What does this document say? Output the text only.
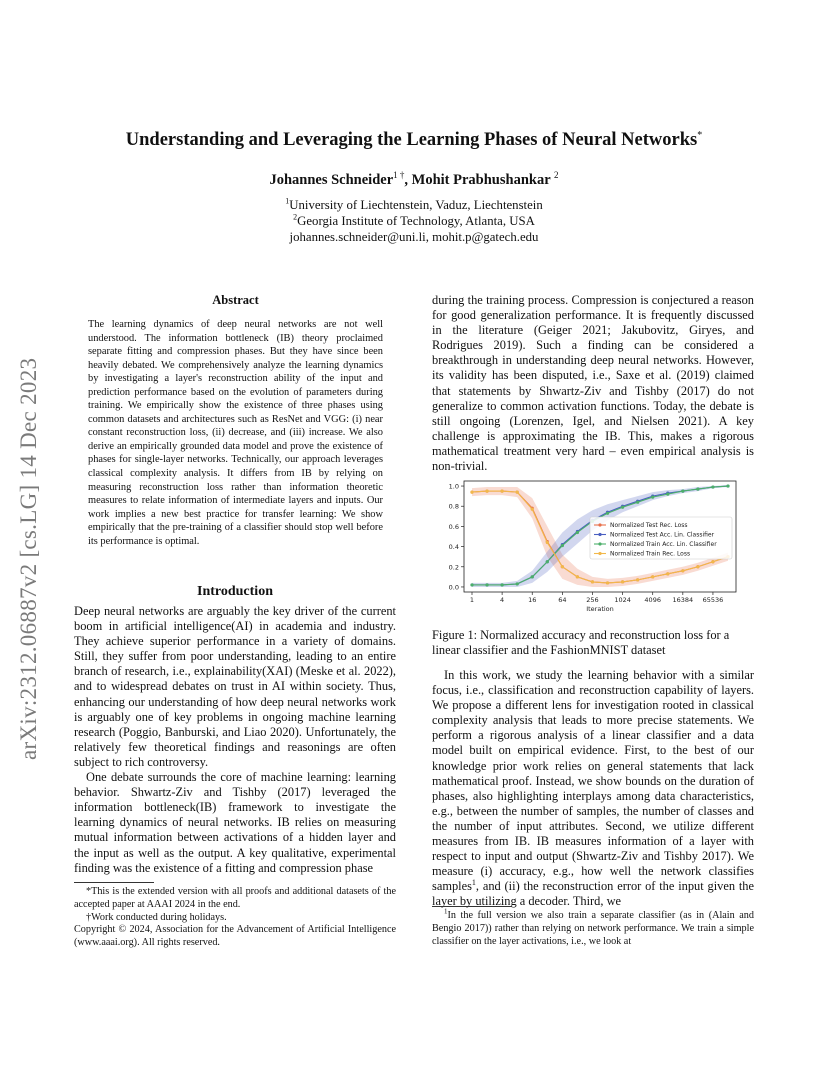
arXiv:2312.06887v2 [cs.LG] 14 Dec 2023
Understanding and Leveraging the Learning Phases of Neural Networks*
Johannes Schneider$^{1 \dagger}$, Mohit Prabhushankar $^2$
$^1$University of Liechtenstein, Vaduz, Liechtenstein
$^2$Georgia Institute of Technology, Atlanta, USA
johannes.schneider@uni.li, mohit.p@gatech.edu
Abstract
The learning dynamics of deep neural networks are not well understood. The information bottleneck (IB) theory proclaimed separate fitting and compression phases. But they have since been heavily debated. We comprehensively analyze the learning dynamics by investigating a layer's reconstruction ability of the input and prediction performance based on the evolution of parameters during training. We empirically show the existence of three phases using common datasets and architectures such as ResNet and VGG: (i) near constant reconstruction loss, (ii) decrease, and (iii) increase. We also derive an empirically grounded data model and prove the existence of phases for single-layer networks. Technically, our approach leverages classical complexity analysis. It differs from IB by relying on measuring reconstruction loss rather than information theoretic measures to relate information of intermediate layers and inputs. Our work implies a new best practice for transfer learning: We show empirically that the pre-training of a classifier should stop well before its performance is optimal.
Introduction

Deep neural networks are arguably the key driver of the current boom in artificial intelligence(AI) in academia and industry. They achieve superior performance in a variety of domains. Still, they suffer from poor understanding, leading to an entire branch of research, i.e., explainability(XAI) (Meske et al. 2022), and to widespread debates on trust in AI within society. Thus, enhancing our understanding of how deep neural networks work is arguably one of key problems in ongoing machine learning research (Poggio, Banburski, and Liao 2020). Unfortunately, the relatively few theoretical findings and reasonings are often subject to rich controversy.

One debate surrounds the core of machine learning: learning behavior. Shwartz-Ziv and Tishby (2017) leveraged the information bottleneck(IB) framework to investigate the learning dynamics of neural networks. IB relies on measuring mutual information between activations of a hidden layer and the input as well as the output. A key qualitative, experimental finding was the existence of a fitting and compression phase

*This is the extended version with all proofs and additional datasets of the accepted paper at AAAI 2024 in the end.

†Work conducted during holidays.

Copyright © 2024, Association for the Advancement of Artificial Intelligence (www.aaai.org). All rights reserved.

during the training process. Compression is conjectured a reason for good generalization performance. It is frequently discussed in the literature (Geiger 2021; Jakubovitz, Giryes, and Rodrigues 2019). Such a finding can be considered a breakthrough in understanding deep neural networks. However, its validity has been disputed, i.e., Saxe et al. (2019) claimed that statements by Shwartz-Ziv and Tishby (2017) do not generalize to common activation functions. Today, the debate is still ongoing (Lorenzen, Igel, and Nielsen 2021). A key challenge is approximating the IB. This, makes a rigorous mathematical treatment very hard – even empirical analysis is non-trivial.

0.0
0.2
0.4
0.6
0.8
1.0
1	4	16	64	256 1024 4096 16384 65536
Iteration
Normalized Test Rec. Loss
Normalized Test Acc. Lin. Classifier
Normalized Train Acc. Lin. Classifier
Normalized Train Rec. Loss
Figure 1: Normalized accuracy and reconstruction loss for a linear classifier and the FashionMNIST dataset

In this work, we study the learning behavior with a similar focus, i.e., classification and reconstruction capability of layers. We propose a different lens for investigation rooted in classical complexity analysis that leads to more precise statements. We perform a rigorous analysis of a linear classifier and a data model built on empirical evidence. First, to the best of our knowledge prior work relies on general statements that lack mathematical proof. Instead, we show bounds on the duration of phases, also highlighting interplays among data characteristics, e.g., between the number of samples, the number of classes and the number of input attributes. Second, we utilize different measures from IB. IB measures information of a layer with respect to input and output (Shwartz-Ziv and Tishby 2017). We measure (i) accuracy, e.g., how well the network classifies samples$^1$, and (ii) the reconstruction error of the input given the layer by utilizing a decoder. Third, we

$^1$In the full version we also train a separate classifier (as in (Alain and Bengio 2017)) rather than relying on network performance. We train a simple classifier on the layer activations, i.e., we look at
